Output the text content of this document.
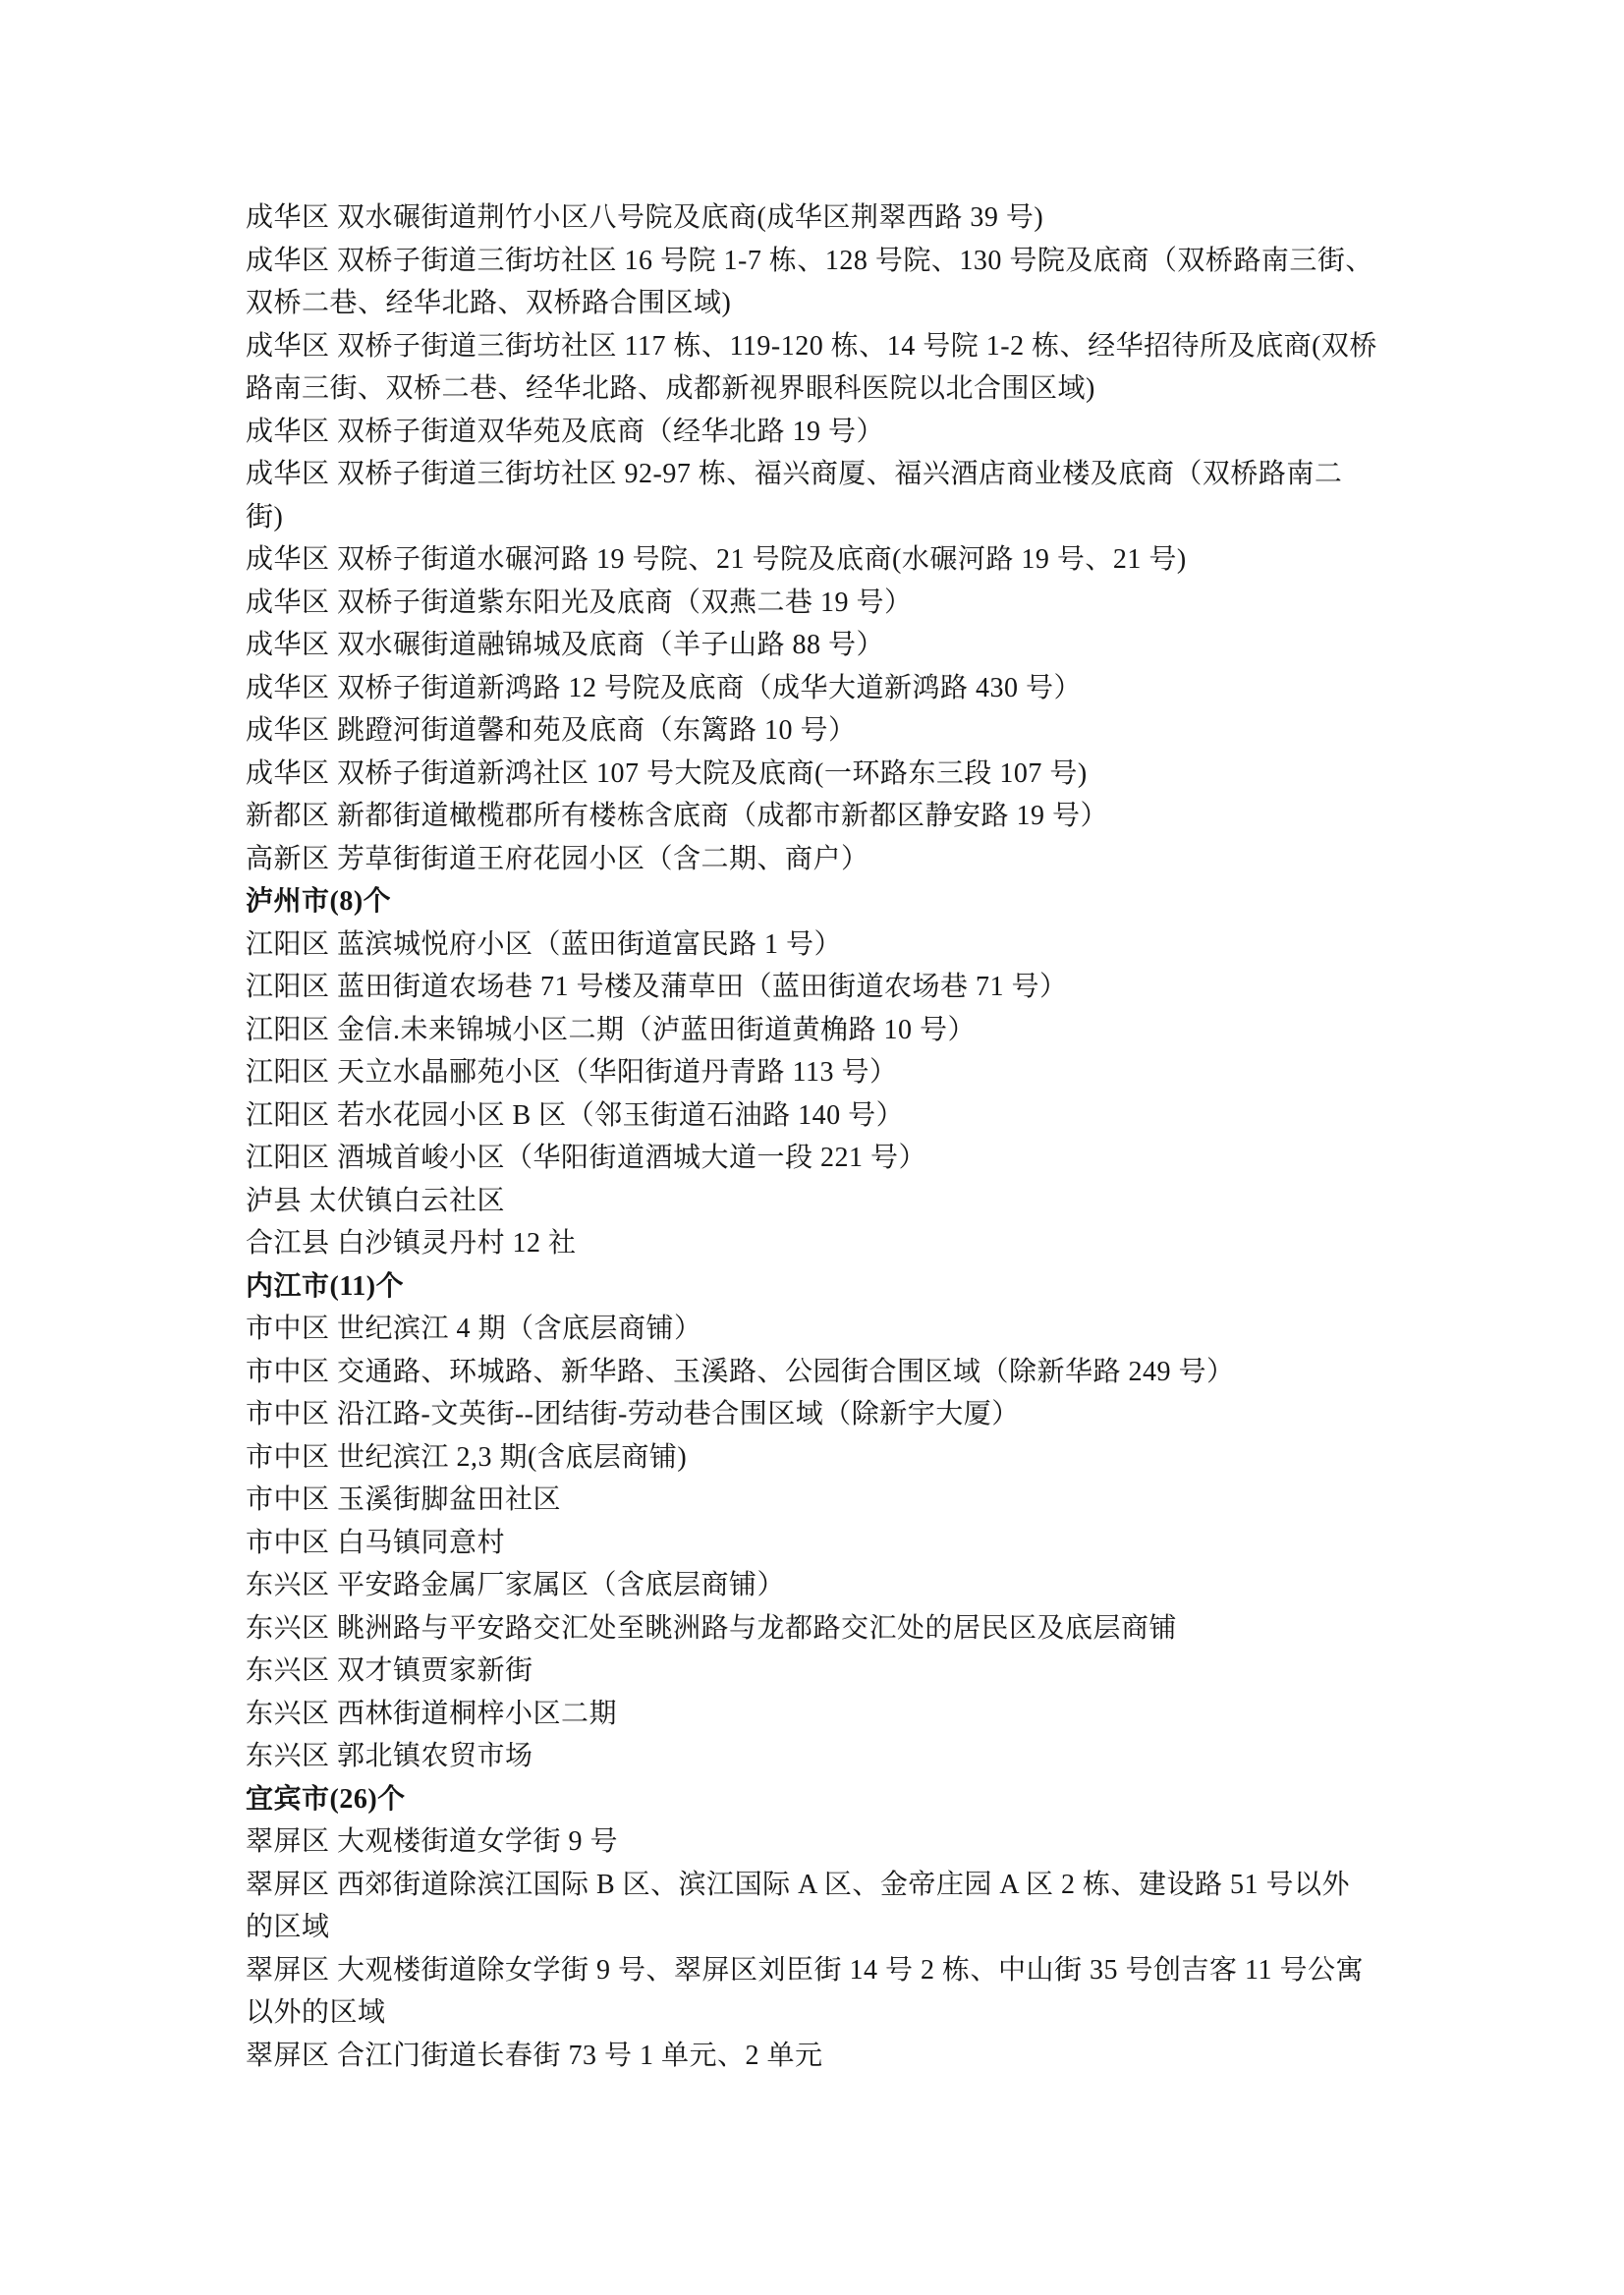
成华区 双水碾街道荆竹小区八号院及底商(成华区荆翠西路 39 号)
成华区 双桥子街道三街坊社区 16 号院 1-7 栋、128 号院、130 号院及底商（双桥路南三街、
双桥二巷、经华北路、双桥路合围区域)
成华区 双桥子街道三街坊社区 117 栋、119-120 栋、14 号院 1-2 栋、经华招待所及底商(双桥
路南三街、双桥二巷、经华北路、成都新视界眼科医院以北合围区域)
成华区 双桥子街道双华苑及底商（经华北路 19 号）
成华区 双桥子街道三街坊社区 92-97 栋、福兴商厦、福兴酒店商业楼及底商（双桥路南二
街)
成华区 双桥子街道水碾河路 19 号院、21 号院及底商(水碾河路 19 号、21 号)
成华区 双桥子街道紫东阳光及底商（双燕二巷 19 号）
成华区 双水碾街道融锦城及底商（羊子山路 88 号）
成华区 双桥子街道新鸿路 12 号院及底商（成华大道新鸿路 430 号）
成华区 跳蹬河街道馨和苑及底商（东篱路 10 号）
成华区 双桥子街道新鸿社区 107 号大院及底商(一环路东三段 107 号)
新都区 新都街道橄榄郡所有楼栋含底商（成都市新都区静安路 19 号）
高新区 芳草街街道王府花园小区（含二期、商户）
泸州市(8)个
江阳区 蓝滨城悦府小区（蓝田街道富民路 1 号）
江阳区 蓝田街道农场巷 71 号楼及蒲草田（蓝田街道农场巷 71 号）
江阳区 金信.未来锦城小区二期（泸蓝田街道黄桷路 10 号）
江阳区 天立水晶郦苑小区（华阳街道丹青路 113 号）
江阳区 若水花园小区 B 区（邻玉街道石油路 140 号）
江阳区 酒城首峻小区（华阳街道酒城大道一段 221 号）
泸县 太伏镇白云社区
合江县 白沙镇灵丹村 12 社
内江市(11)个
市中区 世纪滨江 4 期（含底层商铺）
市中区 交通路、环城路、新华路、玉溪路、公园街合围区域（除新华路 249 号）
市中区 沿江路-文英街--团结街-劳动巷合围区域（除新宇大厦）
市中区 世纪滨江 2,3 期(含底层商铺)
市中区 玉溪街脚盆田社区
市中区 白马镇同意村
东兴区 平安路金属厂家属区（含底层商铺）
东兴区 眺洲路与平安路交汇处至眺洲路与龙都路交汇处的居民区及底层商铺
东兴区 双才镇贾家新街
东兴区 西林街道桐梓小区二期
东兴区 郭北镇农贸市场
宜宾市(26)个
翠屏区 大观楼街道女学街 9 号
翠屏区 西郊街道除滨江国际 B 区、滨江国际 A 区、金帝庄园 A 区 2 栋、建设路 51 号以外
的区域
翠屏区 大观楼街道除女学街 9 号、翠屏区刘臣街 14 号 2 栋、中山街 35 号创吉客 11 号公寓
以外的区域
翠屏区 合江门街道长春街 73 号 1 单元、2 单元
